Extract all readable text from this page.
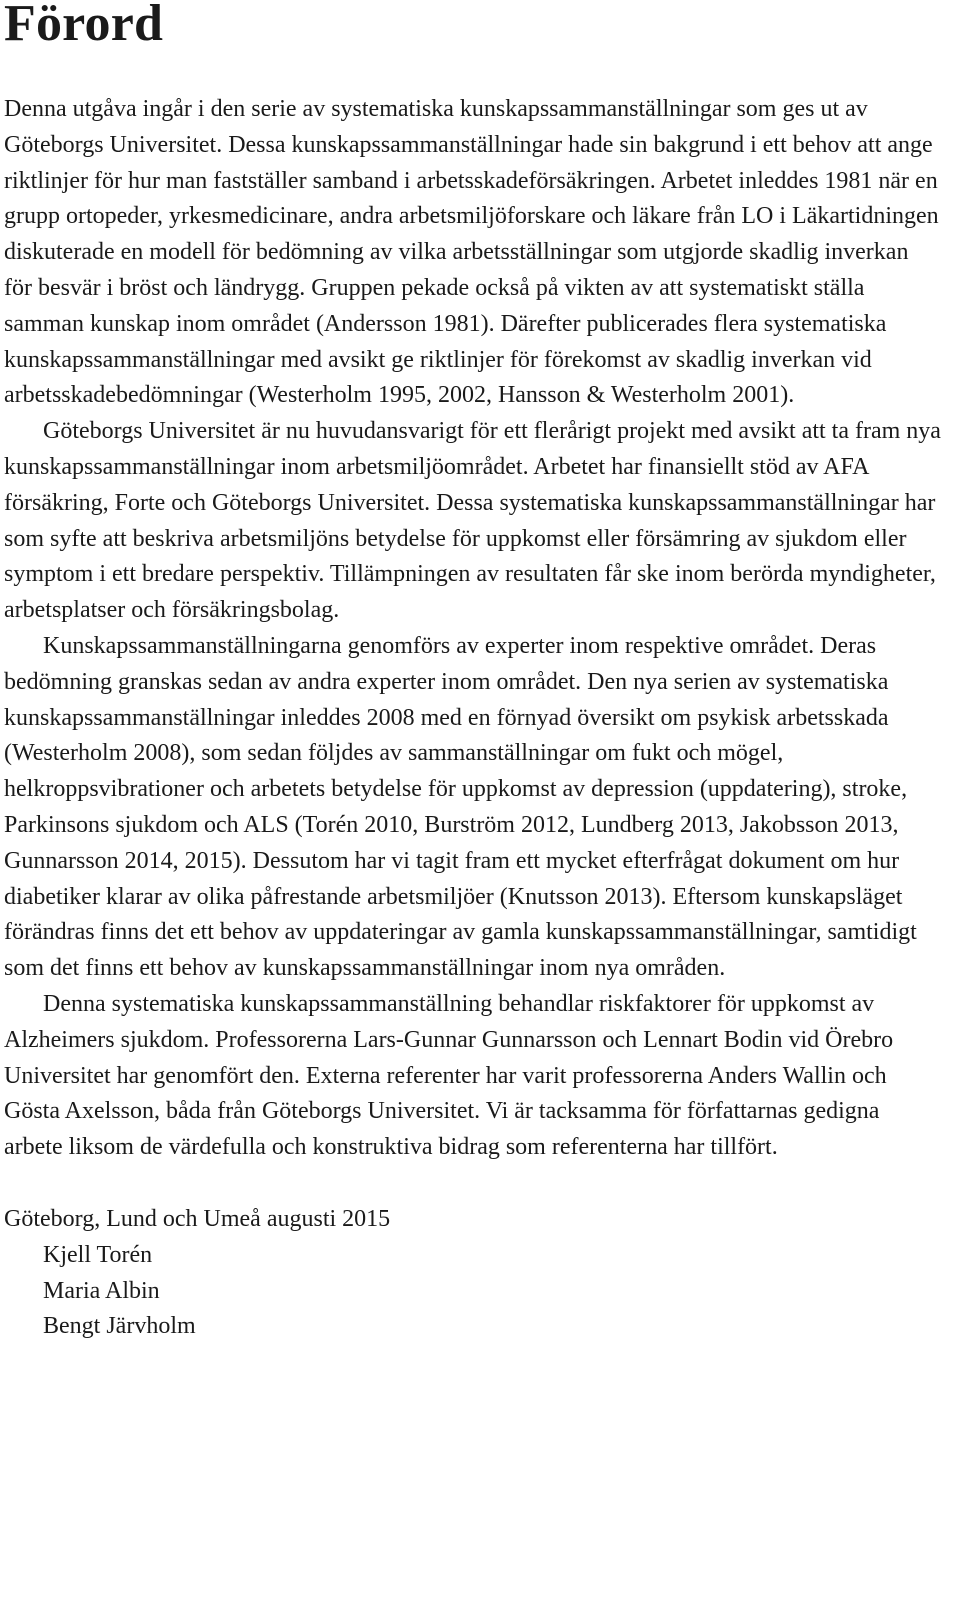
Förord

Denna utgåva ingår i den serie av systematiska kunskapssammanställningar som ges ut av Göteborgs Universitet. Dessa kunskapssammanställningar hade sin bakgrund i ett behov att ange riktlinjer för hur man fastställer samband i arbetsskadeförsäkringen. Arbetet inleddes 1981 när en grupp ortopeder, yrkesmedicinare, andra arbetsmiljöforskare och läkare från LO i Läkartidningen diskuterade en modell för bedömning av vilka arbetsställningar som utgjorde skadlig inverkan för besvär i bröst och ländrygg. Gruppen pekade också på vikten av att systematiskt ställa samman kunskap inom området (Andersson 1981). Därefter publicerades flera systematiska kunskapssammanställningar med avsikt ge riktlinjer för förekomst av skadlig inverkan vid arbetsskadebedömningar (Westerholm 1995, 2002, Hansson & Westerholm 2001).

Göteborgs Universitet är nu huvudansvarigt för ett flerårigt projekt med avsikt att ta fram nya kunskapssammanställningar inom arbetsmiljöområdet. Arbetet har finansiellt stöd av AFA försäkring, Forte och Göteborgs Universitet. Dessa systematiska kunskapssammanställningar har som syfte att beskriva arbetsmiljöns betydelse för uppkomst eller försämring av sjukdom eller symptom i ett bredare perspektiv. Tillämpningen av resultaten får ske inom berörda myndigheter, arbetsplatser och försäkringsbolag.

Kunskapssammanställningarna genomförs av experter inom respektive området. Deras bedömning granskas sedan av andra experter inom området. Den nya serien av systematiska kunskapssammanställningar inleddes 2008 med en förnyad översikt om psykisk arbetsskada (Westerholm 2008), som sedan följdes av sammanställningar om fukt och mögel, helkroppsvibrationer och arbetets betydelse för uppkomst av depression (uppdatering), stroke, Parkinsons sjukdom och ALS (Torén 2010, Burström 2012, Lundberg 2013, Jakobsson 2013, Gunnarsson 2014, 2015). Dessutom har vi tagit fram ett mycket efterfrågat dokument om hur diabetiker klarar av olika påfrestande arbetsmiljöer (Knutsson 2013). Eftersom kunskapsläget förändras finns det ett behov av uppdateringar av gamla kunskapssammanställningar, samtidigt som det finns ett behov av kunskapssammanställningar inom nya områden.

Denna systematiska kunskapssammanställning behandlar riskfaktorer för uppkomst av Alzheimers sjukdom. Professorerna Lars-Gunnar Gunnarsson och Lennart Bodin vid Örebro Universitet har genomfört den. Externa referenter har varit professorerna Anders Wallin och Gösta Axelsson, båda från Göteborgs Universitet. Vi är tacksamma för författarnas gedigna arbete liksom de värdefulla och konstruktiva bidrag som referenterna har tillfört.

Göteborg, Lund och Umeå augusti 2015

Kjell Torén

Maria Albin

Bengt Järvholm
